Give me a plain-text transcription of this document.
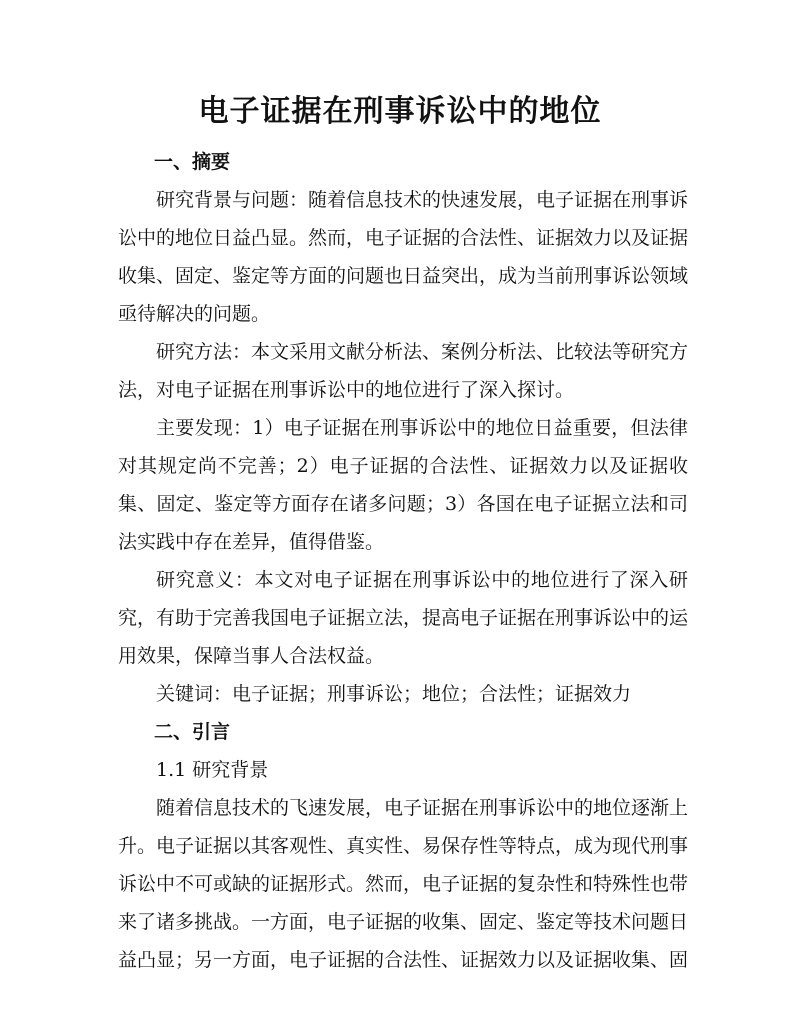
电子证据在刑事诉讼中的地位

一、摘要

研究背景与问题：随着信息技术的快速发展，电子证据在刑事诉讼中的地位日益凸显。然而，电子证据的合法性、证据效力以及证据收集、固定、鉴定等方面的问题也日益突出，成为当前刑事诉讼领域亟待解决的问题。

研究方法：本文采用文献分析法、案例分析法、比较法等研究方法，对电子证据在刑事诉讼中的地位进行了深入探讨。

主要发现：1）电子证据在刑事诉讼中的地位日益重要，但法律对其规定尚不完善；2）电子证据的合法性、证据效力以及证据收集、固定、鉴定等方面存在诸多问题；3）各国在电子证据立法和司法实践中存在差异，值得借鉴。

研究意义：本文对电子证据在刑事诉讼中的地位进行了深入研究，有助于完善我国电子证据立法，提高电子证据在刑事诉讼中的运用效果，保障当事人合法权益。

关键词：电子证据；刑事诉讼；地位；合法性；证据效力

二、引言

1.1 研究背景

随着信息技术的飞速发展，电子证据在刑事诉讼中的地位逐渐上升。电子证据以其客观性、真实性、易保存性等特点，成为现代刑事诉讼中不可或缺的证据形式。然而，电子证据的复杂性和特殊性也带来了诸多挑战。一方面，电子证据的收集、固定、鉴定等技术问题日益凸显；另一方面，电子证据的合法性、证据效力以及证据收集、固
